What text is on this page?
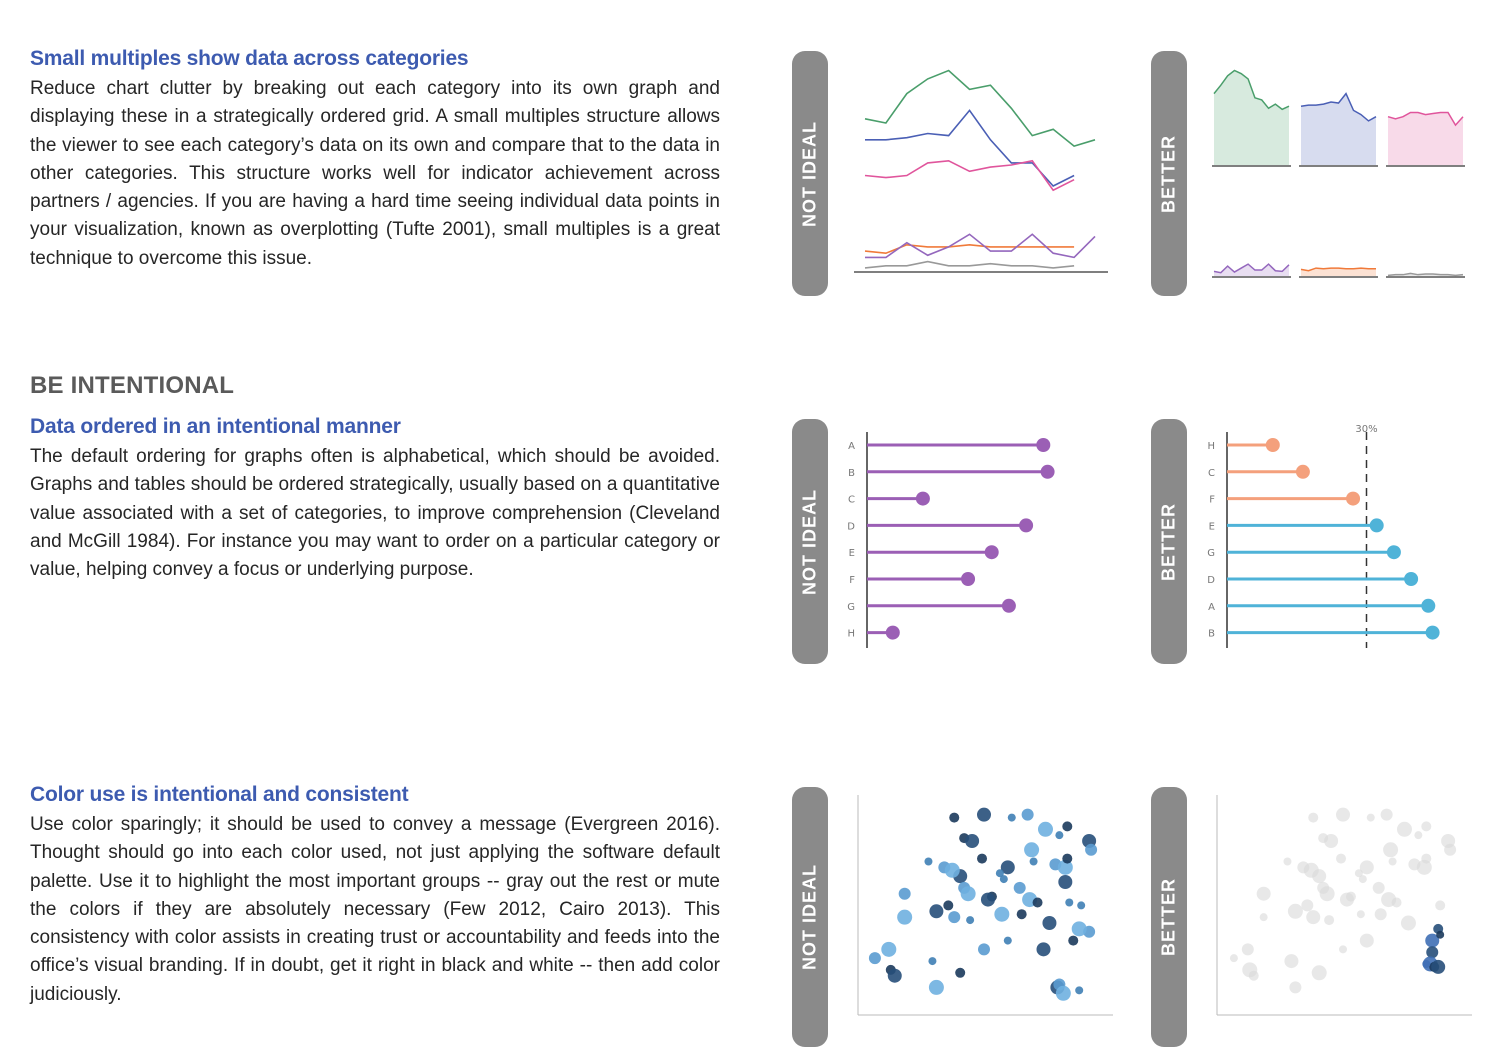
Small multiples show data across categories

Reduce chart clutter by breaking out each category into its own graph and displaying these in a strategically ordered grid. A small multiples structure allows the viewer to see each category’s data on its own and compare that to the data in other categories. This structure works well for indicator achievement across partners / agencies. If you are having a hard time seeing individual data points in your visualization, known as overplotting (Tufte 2001), small multiples is a great technique to overcome this issue.

NOT IDEAL	BETTER
BE INTENTIONAL
Data ordered in an intentional manner

The default ordering for graphs often is alphabetical, which should be avoided. Graphs and tables should be ordered strategically, usually based on a quantitative value associated with a set of categories, to improve comprehension (Cleveland and McGill 1984). For instance you may want to order on a particular category or value, helping convey a focus or underlying purpose.	NOT IDEAL	BETTER
A
B
C
D
E
F
G
H
30%
H
C
F
E
G
D
A
B
Color use is intentional and consistent

Use color sparingly; it should be used to convey a message (Evergreen 2016). Thought should go into each color used, not just applying the software default palette. Use it to highlight the most important groups -- gray out the rest or mute the colors if they are absolutely necessary (Few 2012, Cairo 2013). This consistency with color assists in creating trust or accountability and feeds into the office’s visual branding. If in doubt, get it right in black and white -- then add color judiciously.

NOT IDEAL	BETTER
